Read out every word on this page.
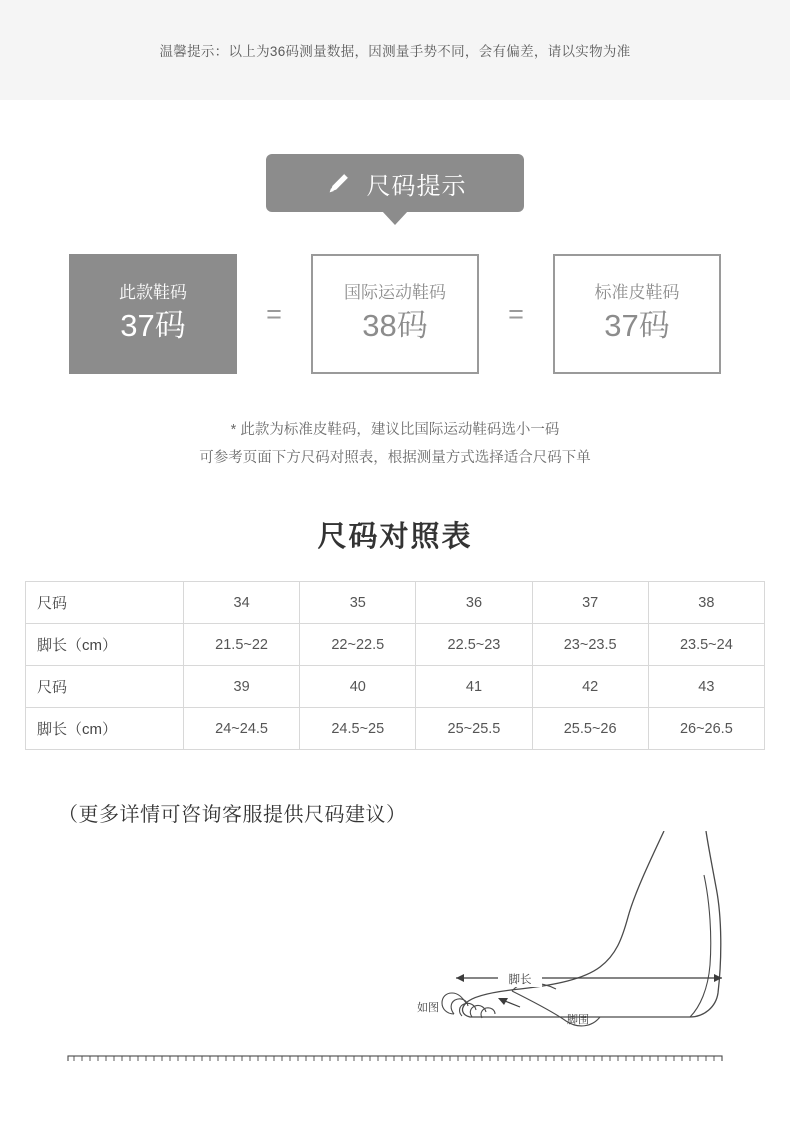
温馨提示：以上为36码测量数据，因测量手势不同，会有偏差，请以实物为准
尺码提示
此款鞋码
37码	=
国际运动鞋码
38码	=
标准皮鞋码
37码
* 此款为标准皮鞋码，建议比国际运动鞋码选小一码
可参考页面下方尺码对照表，根据测量方式选择适合尺码下单
尺码对照表
尺码	34	35	36	37	38
脚长（cm）	21.5~22	22~22.5	22.5~23	23~23.5	23.5~24
尺码	39	40	41	42	43
脚长（cm）	24~24.5	24.5~25	25~25.5	25.5~26	26~26.5
（更多详情可咨询客服提供尺码建议）
脚长
如图
脚围
